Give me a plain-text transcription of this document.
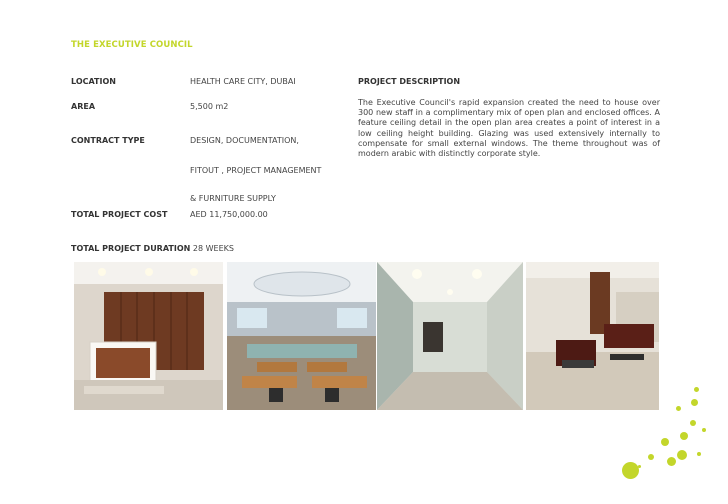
THE EXECUTIVE COUNCIL
LOCATION	HEALTH CARE CITY, DUBAI
AREA	5,500 m2
CONTRACT TYPE	DESIGN, DOCUMENTATION,
FITOUT , PROJECT MANAGEMENT
& FURNITURE SUPPLY
TOTAL PROJECT COST	AED 11,750,000.00
TOTAL PROJECT DURATION 28 WEEKS
PROJECT DESCRIPTION
The Executive Council's rapid expansion created the need to house over 300 new staff in a complimentary mix of open plan and enclosed offices. A feature ceiling detail in the open plan area creates a point of interest in a low ceiling height building. Glazing was used extensively internally to compensate for small external windows. The theme throughout was of modern arabic with distinctly corporate style.
